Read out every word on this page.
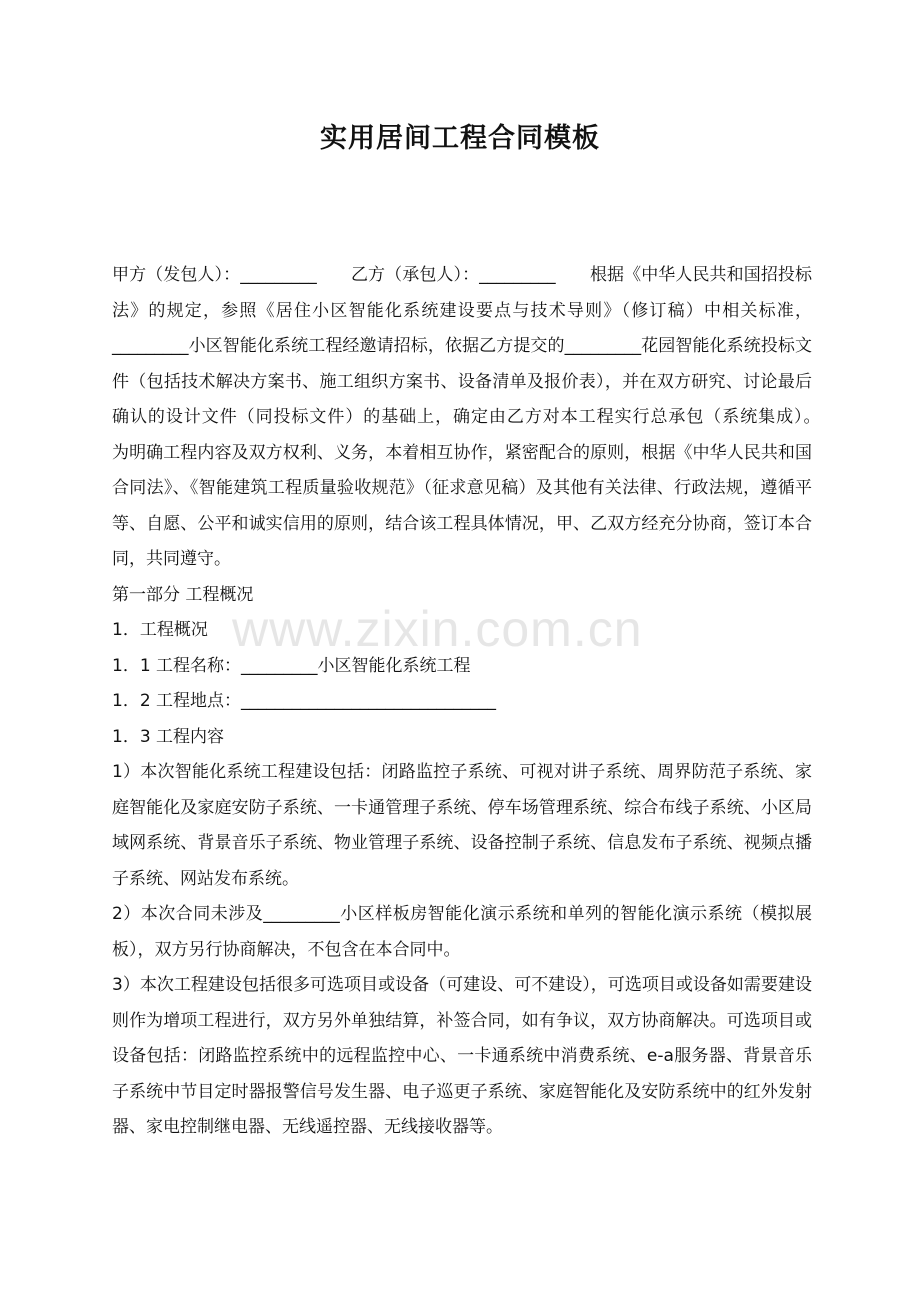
实用居间工程合同模板

甲方（发包人）：_________　　乙方（承包人）：_________　　根据《中华人民共和国招投标法》的规定，参照《居住小区智能化系统建设要点与技术导则》（修订稿）中相关标准，_________小区智能化系统工程经邀请招标，依据乙方提交的_________花园智能化系统投标文件（包括技术解决方案书、施工组织方案书、设备清单及报价表），并在双方研究、讨论最后确认的设计文件（同投标文件）的基础上，确定由乙方对本工程实行总承包（系统集成）。　　为明确工程内容及双方权利、义务，本着相互协作，紧密配合的原则，根据《中华人民共和国合同法》、《智能建筑工程质量验收规范》（征求意见稿）及其他有关法律、行政法规，遵循平等、自愿、公平和诚实信用的原则，结合该工程具体情况，甲、乙双方经充分协商，签订本合同，共同遵守。

第一部分 工程概况

1．工程概况

1．1 工程名称：_________小区智能化系统工程

1．2 工程地点：______________________________

1．3 工程内容

1）本次智能化系统工程建设包括：闭路监控子系统、可视对讲子系统、周界防范子系统、家庭智能化及家庭安防子系统、一卡通管理子系统、停车场管理系统、综合布线子系统、小区局域网系统、背景音乐子系统、物业管理子系统、设备控制子系统、信息发布子系统、视频点播子系统、网站发布系统。

2）本次合同未涉及_________小区样板房智能化演示系统和单列的智能化演示系统（模拟展板），双方另行协商解决，不包含在本合同中。

3）本次工程建设包括很多可选项目或设备（可建设、可不建设），可选项目或设备如需要建设则作为增项工程进行，双方另外单独结算，补签合同，如有争议，双方协商解决。可选项目或设备包括：闭路监控系统中的远程监控中心、一卡通系统中消费系统、e-a服务器、背景音乐子系统中节目定时器报警信号发生器、电子巡更子系统、家庭智能化及安防系统中的红外发射器、家电控制继电器、无线遥控器、无线接收器等。

www.zixin.com.cn
